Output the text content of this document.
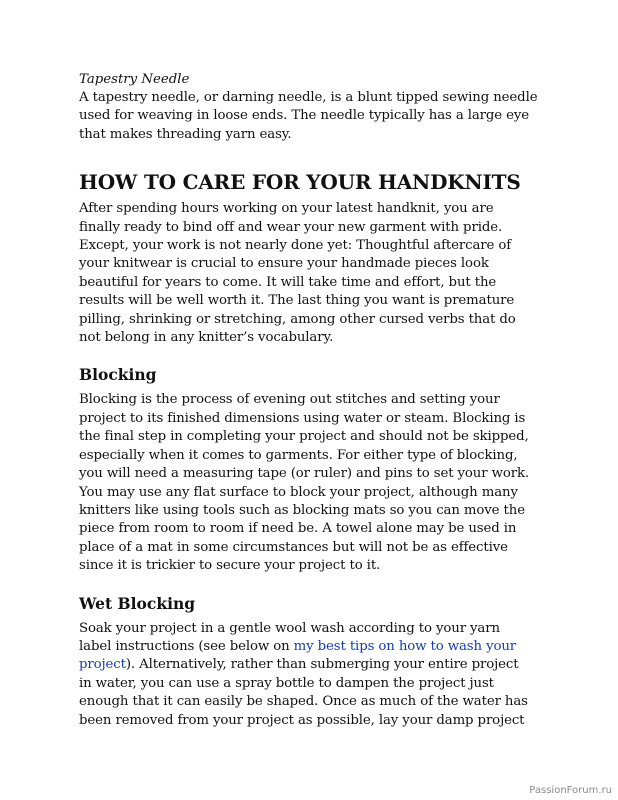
Tapestry Needle

A tapestry needle, or darning needle, is a blunt tipped sewing needle
used for weaving in loose ends. The needle typically has a large eye
that makes threading yarn easy.

HOW TO CARE FOR YOUR HANDKNITS

After spending hours working on your latest handknit, you are
finally ready to bind off and wear your new garment with pride.
Except, your work is not nearly done yet: Thoughtful aftercare of
your knitwear is crucial to ensure your handmade pieces look
beautiful for years to come. It will take time and effort, but the
results will be well worth it. The last thing you want is premature
pilling, shrinking or stretching, among other cursed verbs that do
not belong in any knitter’s vocabulary.

Blocking

Blocking is the process of evening out stitches and setting your
project to its finished dimensions using water or steam. Blocking is
the final step in completing your project and should not be skipped,
especially when it comes to garments. For either type of blocking,
you will need a measuring tape (or ruler) and pins to set your work.
You may use any flat surface to block your project, although many
knitters like using tools such as blocking mats so you can move the
piece from room to room if need be. A towel alone may be used in
place of a mat in some circumstances but will not be as effective
since it is trickier to secure your project to it.

Wet Blocking

Soak your project in a gentle wool wash according to your yarn
label instructions (see below on my best tips on how to wash your
project). Alternatively, rather than submerging your entire project
in water, you can use a spray bottle to dampen the project just
enough that it can easily be shaped. Once as much of the water has
been removed from your project as possible, lay your damp project

PassionForum.ru
